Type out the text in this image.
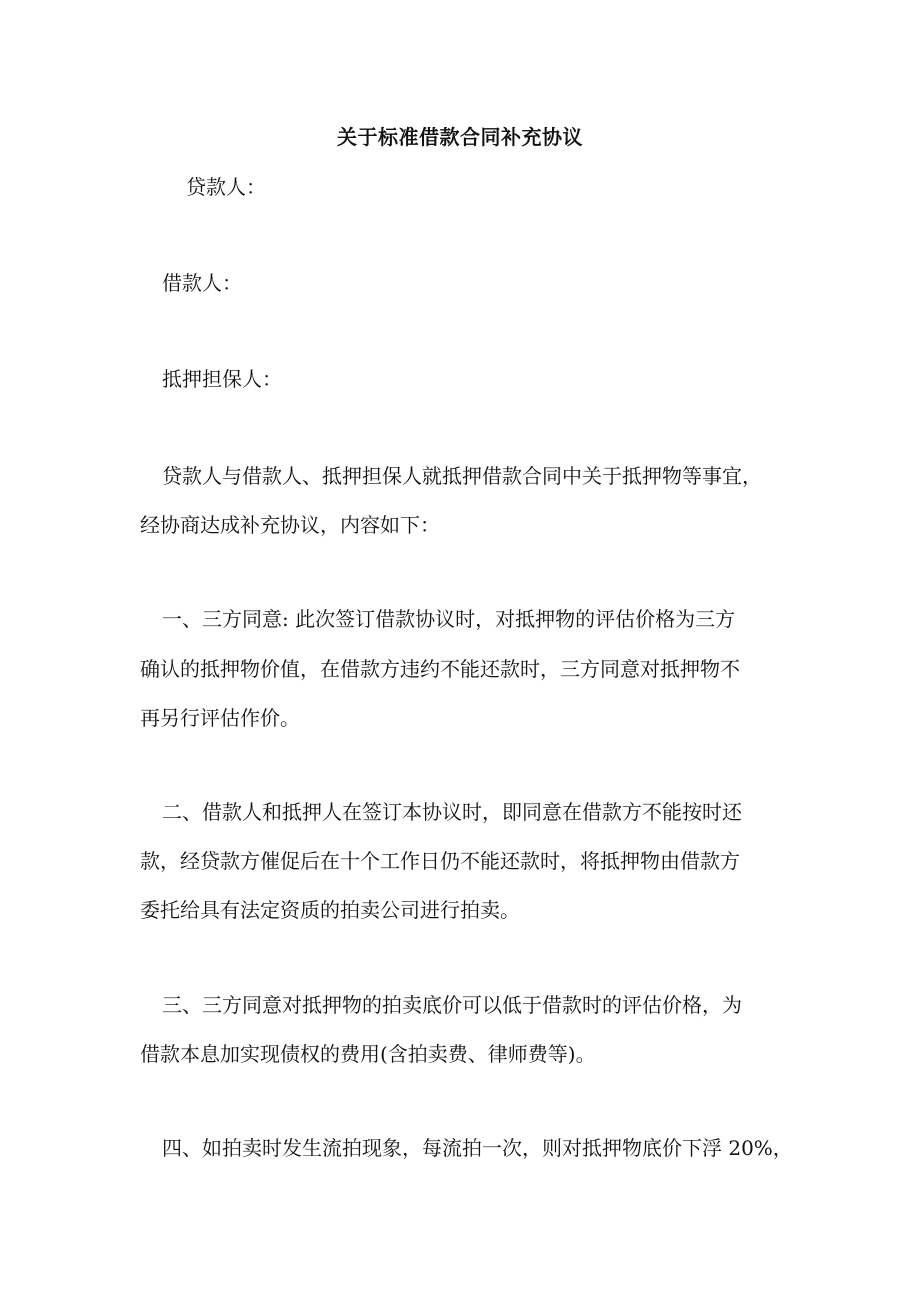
关于标准借款合同补充协议
贷款人：
借款人：
抵押担保人：
贷款人与借款人、抵押担保人就抵押借款合同中关于抵押物等事宜，
经协商达成补充协议，内容如下：
一、三方同意: 此次签订借款协议时，对抵押物的评估价格为三方
确认的抵押物价值，在借款方违约不能还款时，三方同意对抵押物不
再另行评估作价。
二、借款人和抵押人在签订本协议时，即同意在借款方不能按时还
款，经贷款方催促后在十个工作日仍不能还款时，将抵押物由借款方
委托给具有法定资质的拍卖公司进行拍卖。
三、三方同意对抵押物的拍卖底价可以低于借款时的评估价格，为
借款本息加实现债权的费用(含拍卖费、律师费等)。
四、如拍卖时发生流拍现象，每流拍一次，则对抵押物底价下浮 20%，
